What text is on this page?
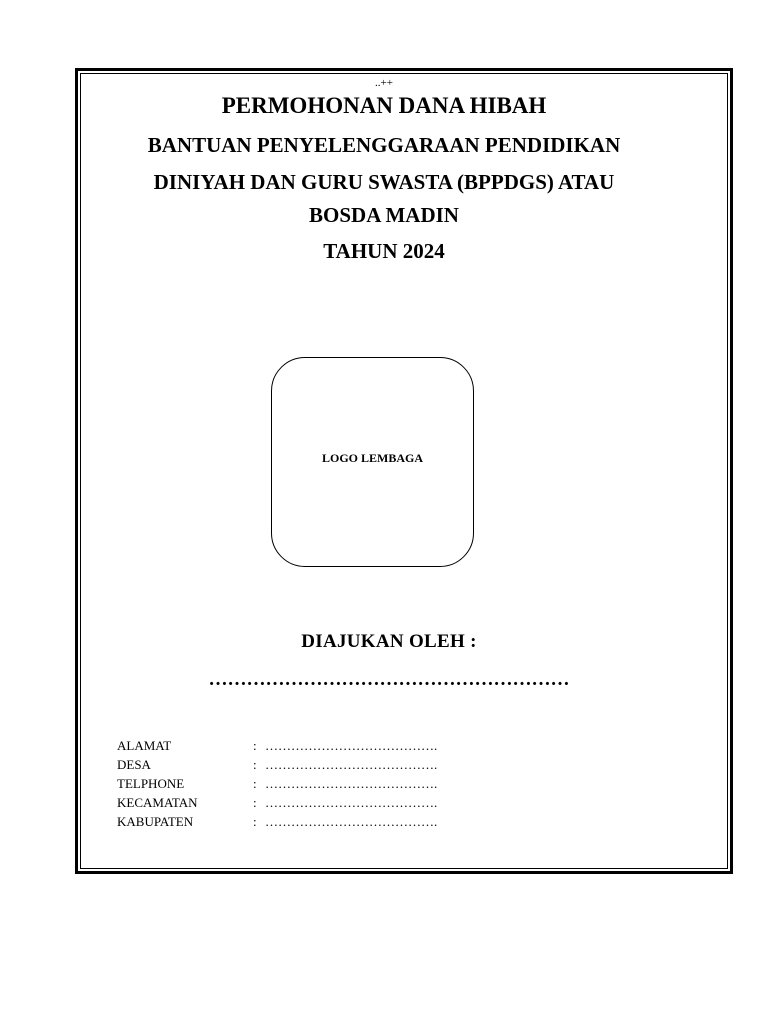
..++
PERMOHONAN DANA HIBAH
BANTUAN PENYELENGGARAAN PENDIDIKAN
DINIYAH DAN GURU SWASTA (BPPDGS) ATAU
BOSDA MADIN
TAHUN 2024
LOGO LEMBAGA
DIAJUKAN OLEH :
…………………………………………………
ALAMAT	: ………………………………….
DESA	: ………………………………….
TELPHONE	: ………………………………….
KECAMATAN	: ………………………………….
KABUPATEN	: ………………………………….
